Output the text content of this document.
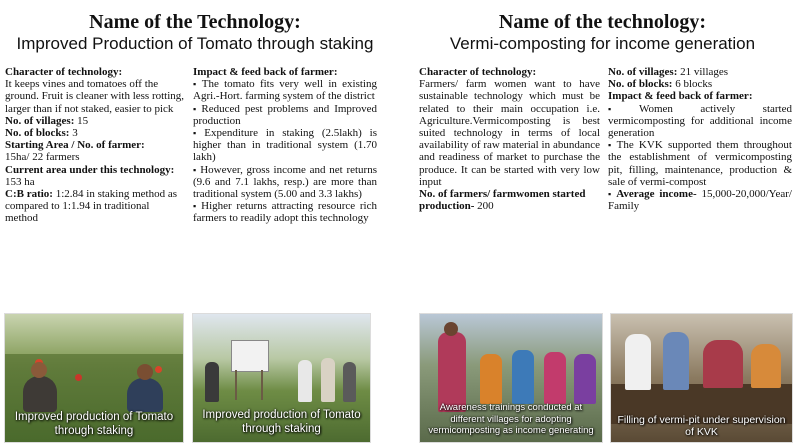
Name of the Technology:
Improved Production of Tomato through staking

Character of technology:

It keeps vines and tomatoes off the ground. Fruit is cleaner with less rotting, larger than if not staked, easier to pick

No. of villages: 15

No. of blocks: 3

Starting Area / No. of farmer:

15ha/ 22 farmers

Current area under this technology: 153 ha

C:B ratio: 1:2.84 in staking method as compared to 1:1.94 in traditional method

Impact & feed back of farmer:

▪ The tomato fits very well in existing Agri.-Hort. farming system of the district

▪ Reduced pest problems and Improved production

▪ Expenditure in staking (2.5lakh) is higher than in traditional system (1.70 lakh)

▪ However, gross income and net returns (9.6 and 7.1 lakhs, resp.) are more than traditional system (5.00 and 3.3 lakhs)

▪ Higher returns attracting resource rich farmers to readily adopt this technology

Improved production of Tomato through staking
Improved production of Tomato through staking
Name of the technology:
Vermi-composting for income generation

Character of technology:

Farmers/ farm women want to have sustainable technology which must be related to their main occupation i.e. Agriculture.Vermicomposting is best suited technology in terms of local availability of raw material in abundance and readiness of market to purchase the produce. It can be started with very low input

No. of farmers/ farmwomen started production- 200

No. of villages: 21 villages

No. of blocks: 6 blocks

Impact & feed back of farmer:

▪ Women actively started vermicomposting for additional income generation

▪ The KVK supported them throughout the establishment of vermicomposting pit, filling, maintenance, production & sale of vermi-compost

▪ Average income- 15,000-20,000/Year/ Family

Awareness trainings conducted at different villages for adopting vermicomposting as income generating
Filling of vermi-pit under supervision of KVK
